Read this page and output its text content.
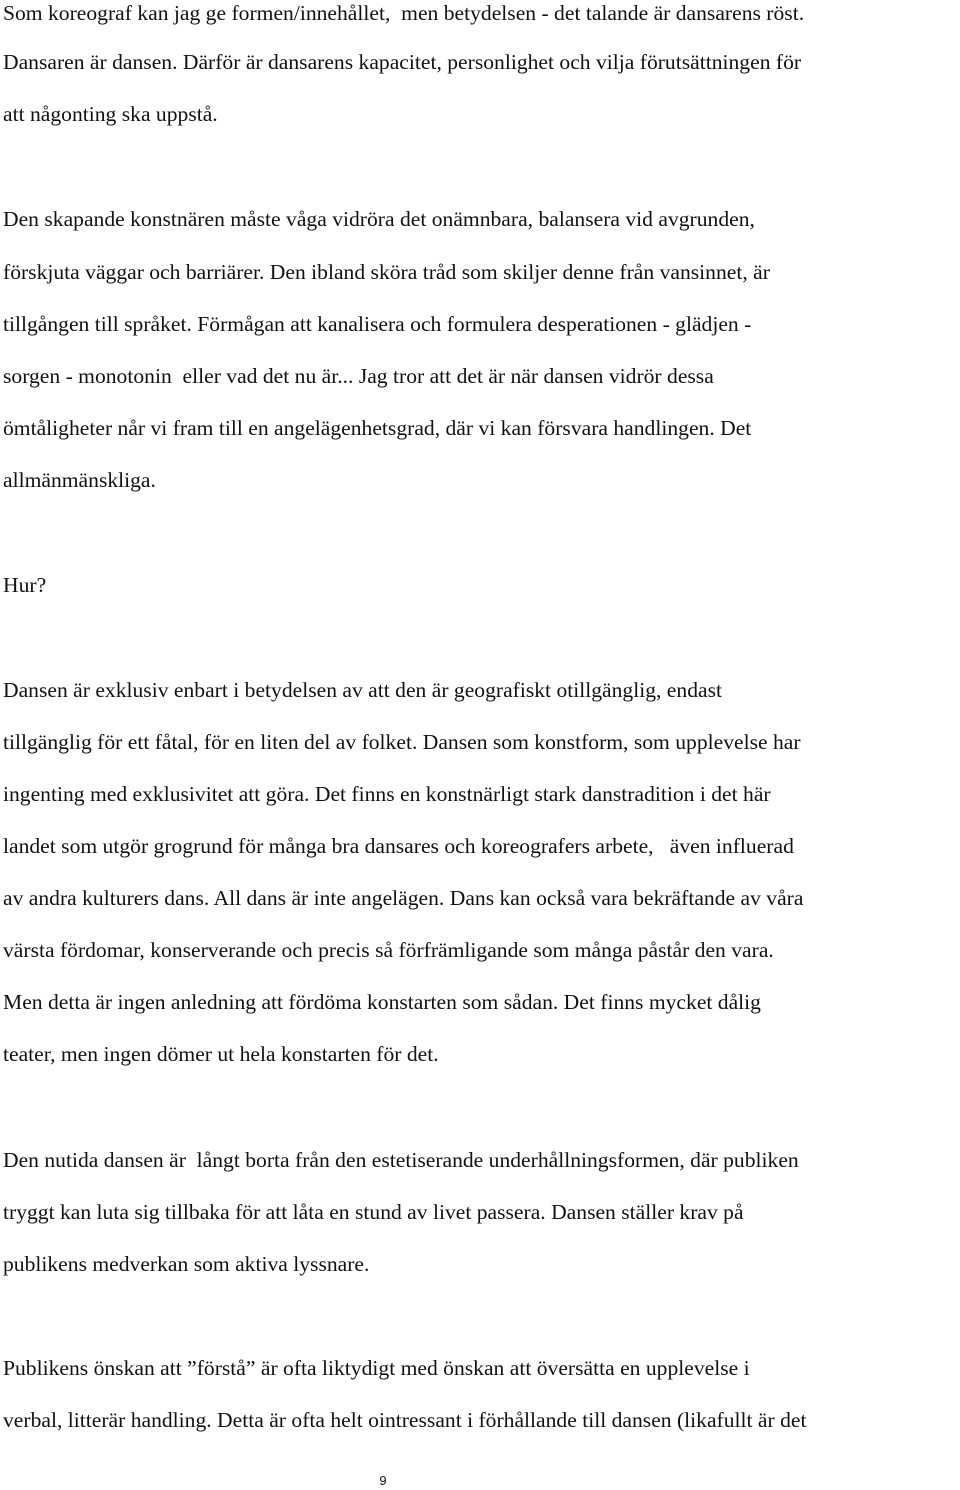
Som koreograf kan jag ge formen/innehållet,  men betydelsen - det talande är dansarens röst.
Dansaren är dansen. Därför är dansarens kapacitet, personlighet och vilja förutsättningen för
att någonting ska uppstå.
Den skapande konstnären måste våga vidröra det onämnbara, balansera vid avgrunden,
förskjuta väggar och barriärer. Den ibland sköra tråd som skiljer denne från vansinnet, är
tillgången till språket. Förmågan att kanalisera och formulera desperationen - glädjen -
sorgen - monotonin  eller vad det nu är... Jag tror att det är när dansen vidrör dessa
ömtåligheter når vi fram till en angelägenhetsgrad, där vi kan försvara handlingen. Det
allmänmänskliga.
Hur?
Dansen är exklusiv enbart i betydelsen av att den är geografiskt otillgänglig, endast
tillgänglig för ett fåtal, för en liten del av folket. Dansen som konstform, som upplevelse har
ingenting med exklusivitet att göra. Det finns en konstnärligt stark danstradition i det här
landet som utgör grogrund för många bra dansares och koreografers arbete,   även influerad
av andra kulturers dans. All dans är inte angelägen. Dans kan också vara bekräftande av våra
värsta fördomar, konserverande och precis så förfrämligande som många påstår den vara.
Men detta är ingen anledning att fördöma konstarten som sådan. Det finns mycket dålig
teater, men ingen dömer ut hela konstarten för det.
Den nutida dansen är  långt borta från den estetiserande underhållningsformen, där publiken
tryggt kan luta sig tillbaka för att låta en stund av livet passera. Dansen ställer krav på
publikens medverkan som aktiva lyssnare.
Publikens önskan att ”förstå” är ofta liktydigt med önskan att översätta en upplevelse i
verbal, litterär handling. Detta är ofta helt ointressant i förhållande till dansen (likafullt är det
9
